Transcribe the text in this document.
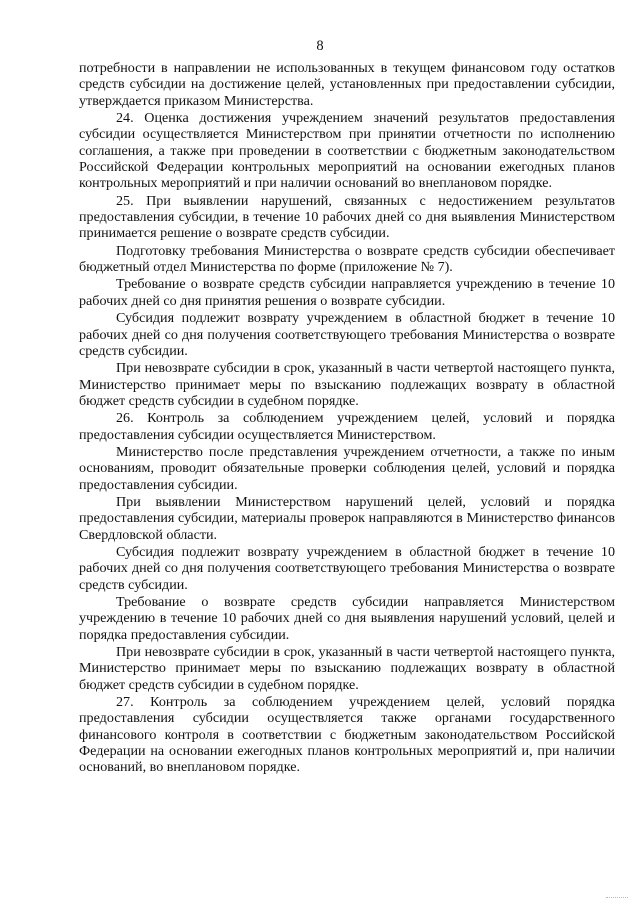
8

потребности в направлении не использованных в текущем финансовом году остатков средств субсидии на достижение целей, установленных при предоставлении субсидии, утверждается приказом Министерства.

24. Оценка достижения учреждением значений результатов предоставления субсидии осуществляется Министерством при принятии отчетности по исполнению соглашения, а также при проведении в соответствии с бюджетным законодательством Российской Федерации контрольных мероприятий на основании ежегодных планов контрольных мероприятий и при наличии оснований во внеплановом порядке.

25. При выявлении нарушений, связанных с недостижением результатов предоставления субсидии, в течение 10 рабочих дней со дня выявления Министерством принимается решение о возврате средств субсидии.

Подготовку требования Министерства о возврате средств субсидии обеспечивает бюджетный отдел Министерства по форме (приложение № 7).

Требование о возврате средств субсидии направляется учреждению в течение 10 рабочих дней со дня принятия решения о возврате субсидии.

Субсидия подлежит возврату учреждением в областной бюджет в течение 10 рабочих дней со дня получения соответствующего требования Министерства о возврате средств субсидии.

При невозврате субсидии в срок, указанный в части четвертой настоящего пункта, Министерство принимает меры по взысканию подлежащих возврату в областной бюджет средств субсидии в судебном порядке.

26. Контроль за соблюдением учреждением целей, условий и порядка предоставления субсидии осуществляется Министерством.

Министерство после представления учреждением отчетности, а также по иным основаниям, проводит обязательные проверки соблюдения целей, условий и порядка предоставления субсидии.

При выявлении Министерством нарушений целей, условий и порядка предоставления субсидии, материалы проверок направляются в Министерство финансов Свердловской области.

Субсидия подлежит возврату учреждением в областной бюджет в течение 10 рабочих дней со дня получения соответствующего требования Министерства о возврате средств субсидии.

Требование о возврате средств субсидии направляется Министерством учреждению в течение 10 рабочих дней со дня выявления нарушений условий, целей и порядка предоставления субсидии.

При невозврате субсидии в срок, указанный в части четвертой настоящего пункта, Министерство принимает меры по взысканию подлежащих возврату в областной бюджет средств субсидии в судебном порядке.

27. Контроль за соблюдением учреждением целей, условий порядка предоставления субсидии осуществляется также органами государственного финансового контроля в соответствии с бюджетным законодательством Российской Федерации на основании ежегодных планов контрольных мероприятий и, при наличии оснований, во внеплановом порядке.
